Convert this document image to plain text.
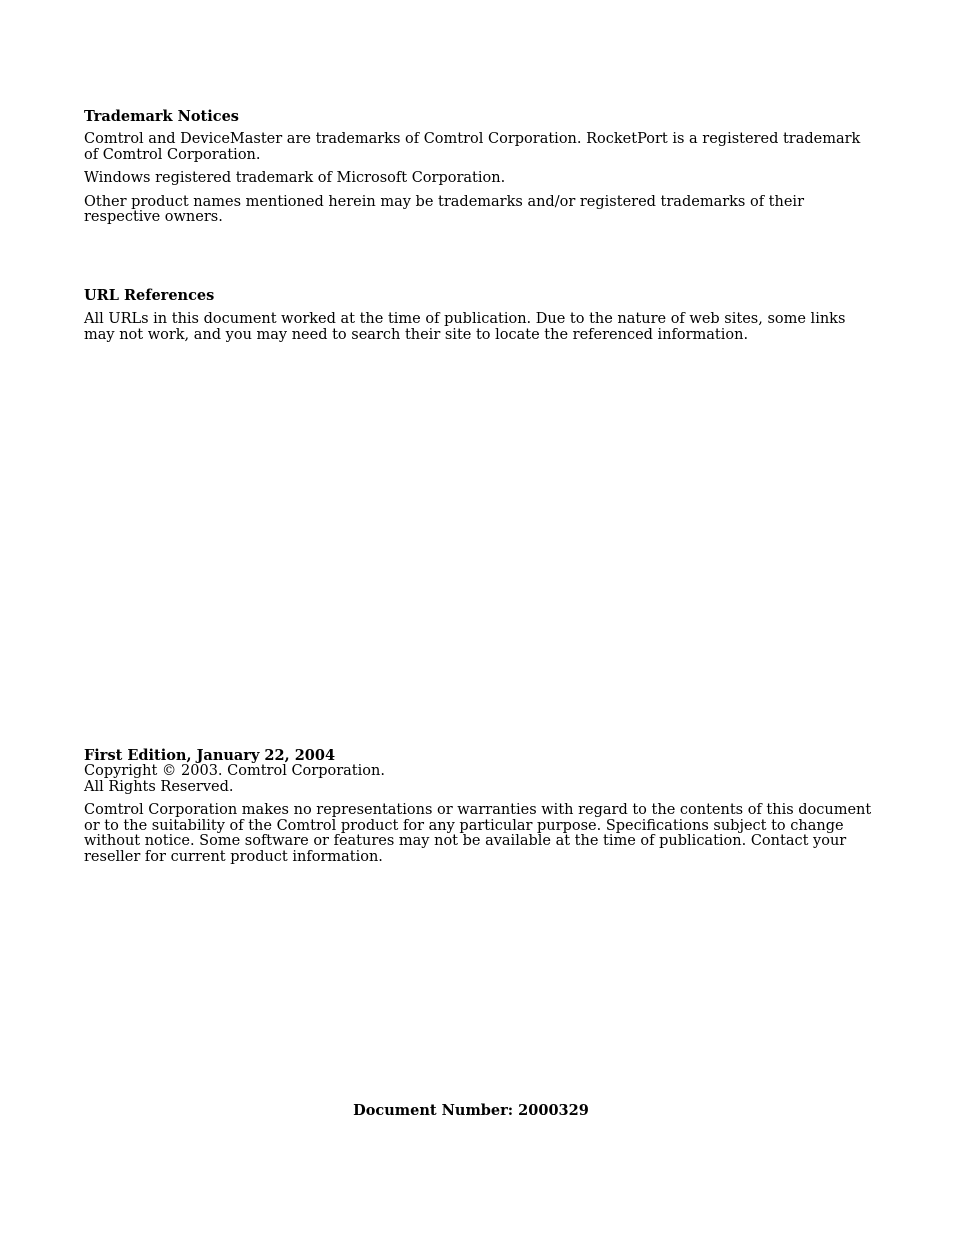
Trademark Notices

Comtrol and DeviceMaster are trademarks of Comtrol Corporation. RocketPort is a registered trademark of Comtrol Corporation.

Windows registered trademark of Microsoft Corporation.

Other product names mentioned herein may be trademarks and/or registered trademarks of their respective owners.

URL References

All URLs in this document worked at the time of publication. Due to the nature of web sites, some links may not work, and you may need to search their site to locate the referenced information.

First Edition, January 22, 2004
Copyright © 2003. Comtrol Corporation.
All Rights Reserved.

Comtrol Corporation makes no representations or warranties with regard to the contents of this document or to the suitability of the Comtrol product for any particular purpose. Specifications subject to change without notice. Some software or features may not be available at the time of publication. Contact your reseller for current product information.

Document Number: 2000329
